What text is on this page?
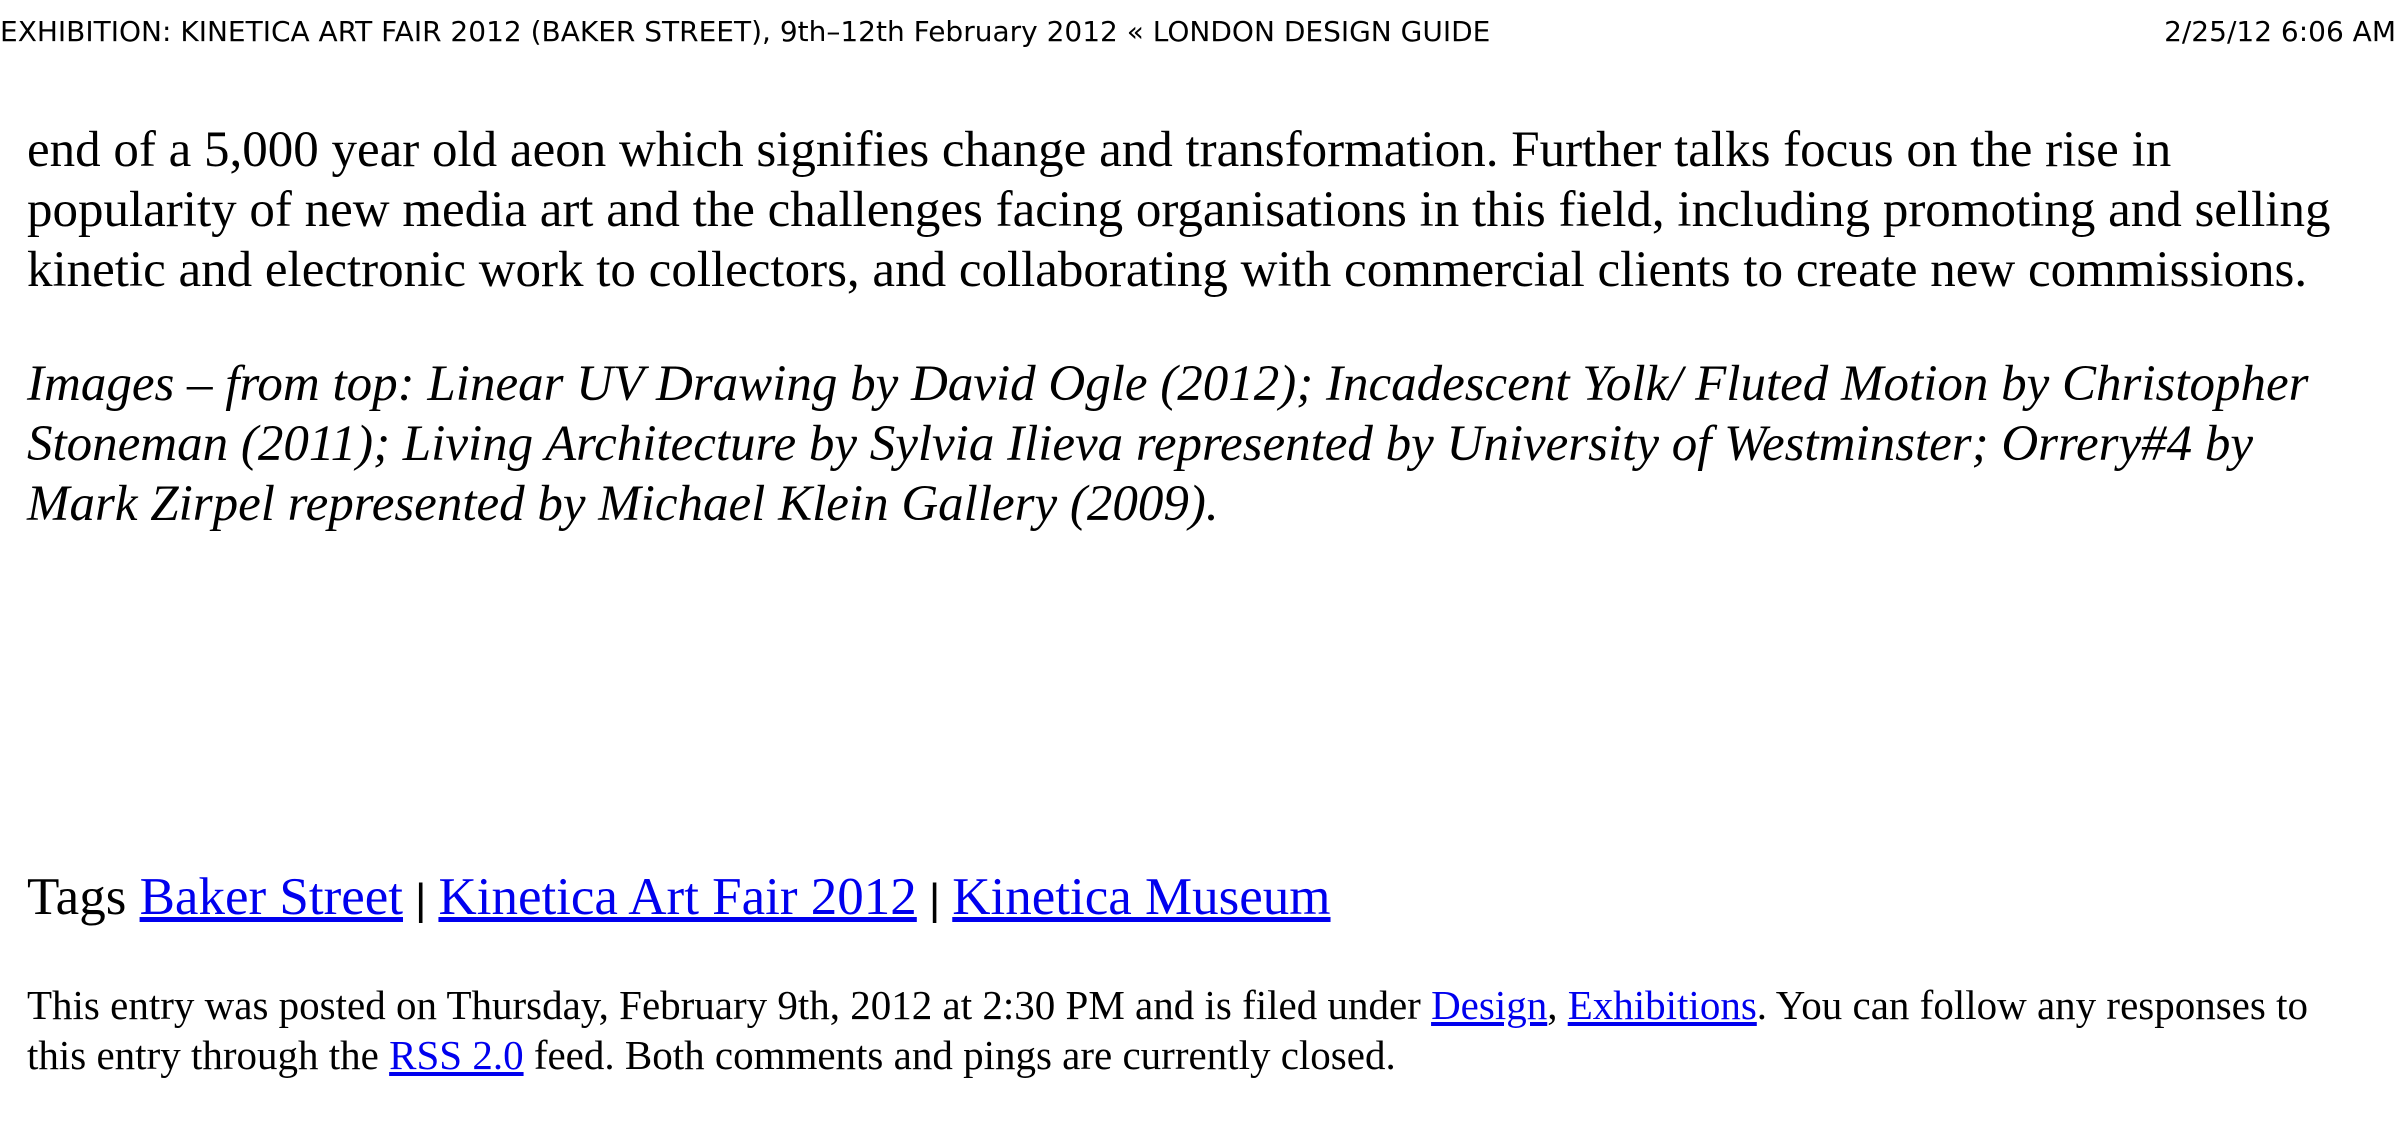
EXHIBITION: KINETICA ART FAIR 2012 (BAKER STREET), 9th–12th February 2012 « LONDON DESIGN GUIDE	2/25/12 6:06 AM

end of a 5,000 year old aeon which signifies change and transformation. Further talks focus on the rise in popularity of new media art and the challenges facing organisations in this field, including promoting and selling kinetic and electronic work to collectors, and collaborating with commercial clients to create new commissions.

Images – from top: Linear UV Drawing by David Ogle (2012); Incadescent Yolk/ Fluted Motion by Christopher Stoneman (2011); Living Architecture by Sylvia Ilieva represented by University of Westminster; Orrery#4 by Mark Zirpel represented by Michael Klein Gallery (2009).

Tags Baker Street | Kinetica Art Fair 2012 | Kinetica Museum
This entry was posted on Thursday, February 9th, 2012 at 2:30 PM and is filed under Design, Exhibitions. You can follow any responses to this entry through the RSS 2.0 feed. Both comments and pings are currently closed.
